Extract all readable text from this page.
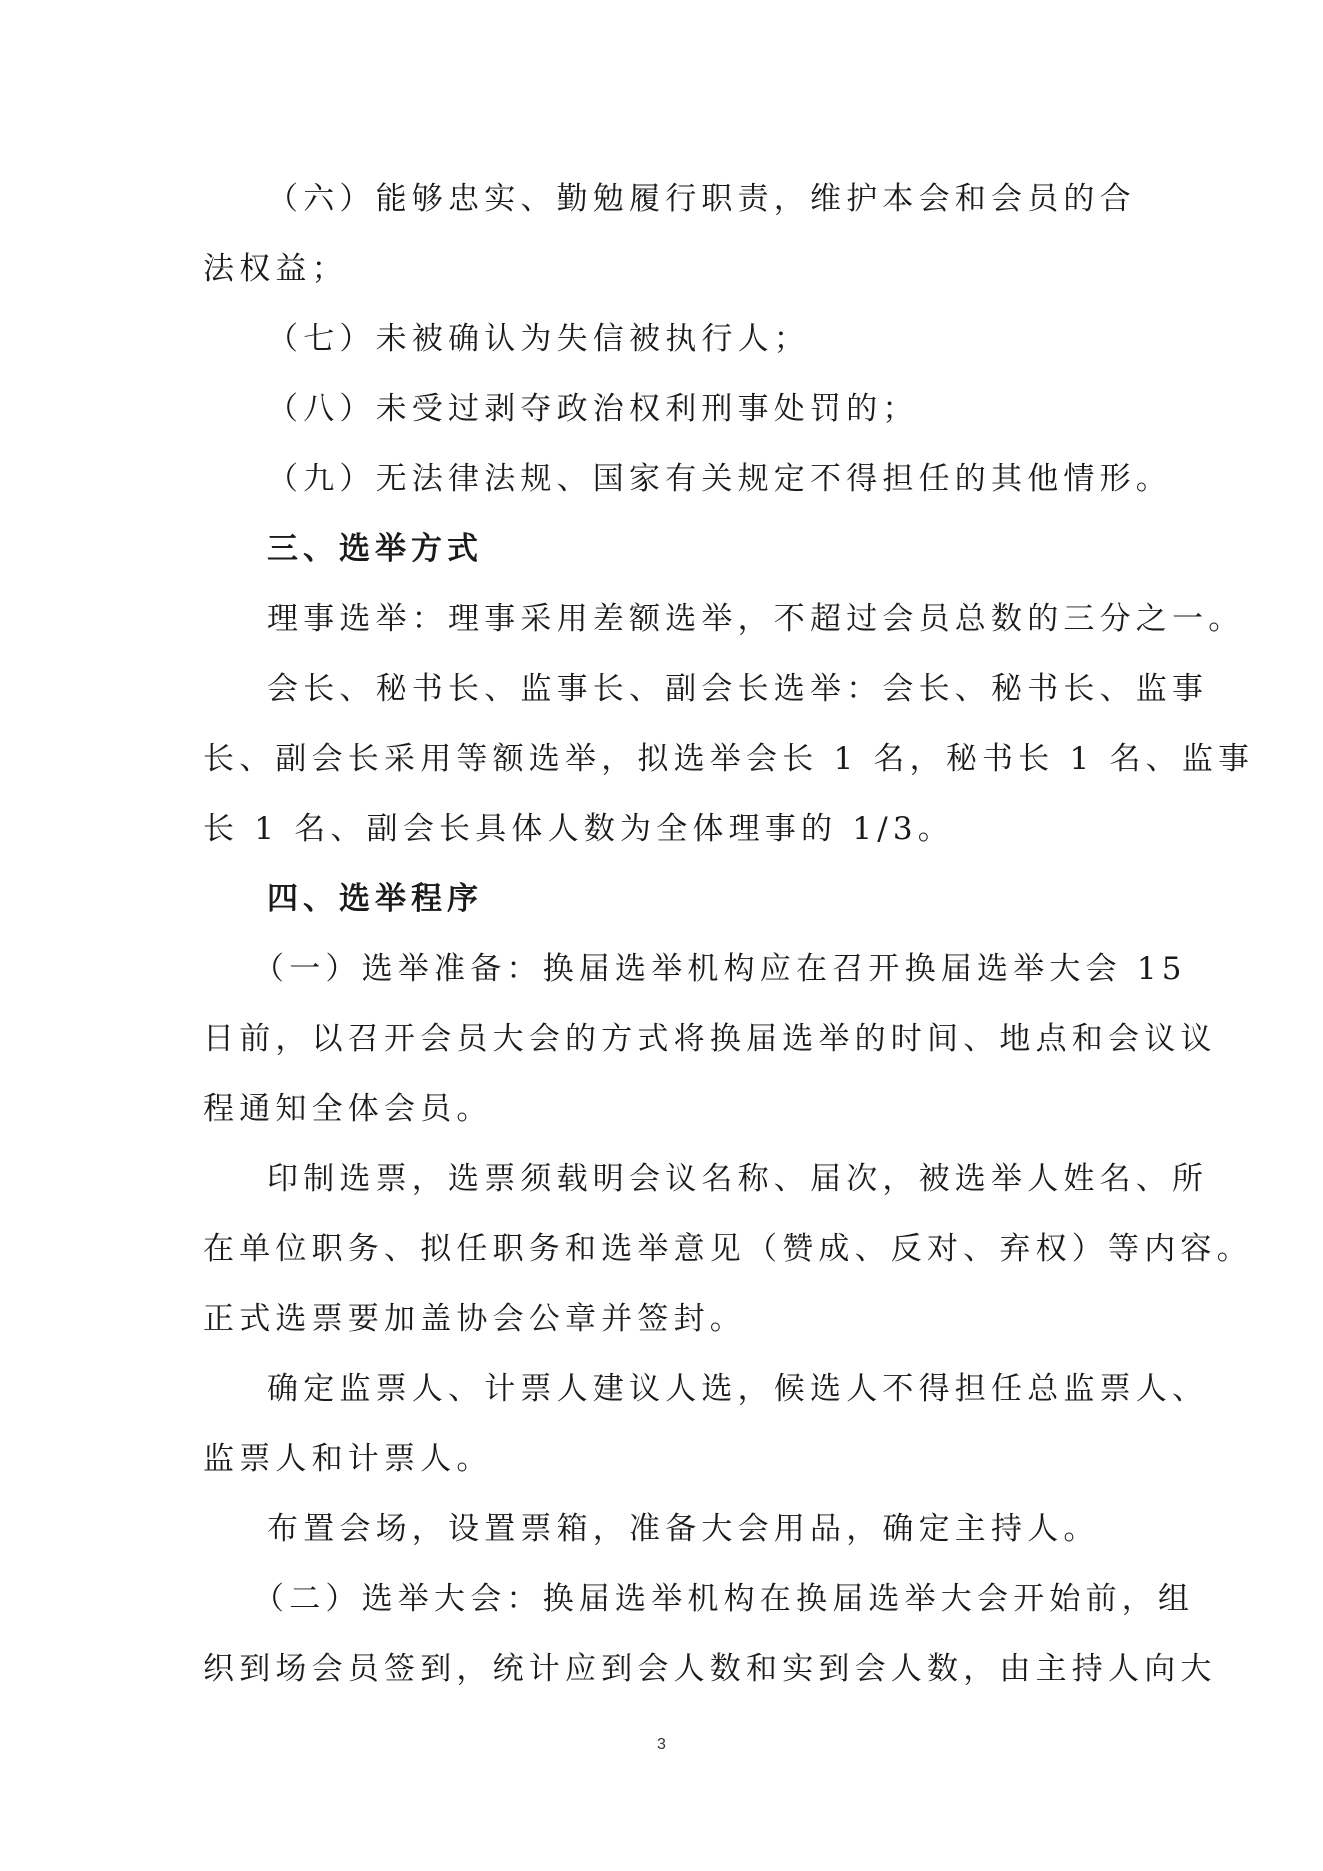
（六）能够忠实、勤勉履行职责，维护本会和会员的合
法权益；
（七）未被确认为失信被执行人；
（八）未受过剥夺政治权利刑事处罚的；
（九）无法律法规、国家有关规定不得担任的其他情形。
三、选举方式
理事选举：理事采用差额选举，不超过会员总数的三分之一。
会长、秘书长、监事长、副会长选举：会长、秘书长、监事
长、副会长采用等额选举，拟选举会长 1 名，秘书长 1 名、监事
长 1 名、副会长具体人数为全体理事的 1/3。
四、选举程序
（一）选举准备：换届选举机构应在召开换届选举大会 15
日前，以召开会员大会的方式将换届选举的时间、地点和会议议
程通知全体会员。
印制选票，选票须载明会议名称、届次，被选举人姓名、所
在单位职务、拟任职务和选举意见（赞成、反对、弃权）等内容。
正式选票要加盖协会公章并签封。
确定监票人、计票人建议人选，候选人不得担任总监票人、
监票人和计票人。
布置会场，设置票箱，准备大会用品，确定主持人。
（二）选举大会：换届选举机构在换届选举大会开始前，组
织到场会员签到，统计应到会人数和实到会人数，由主持人向大
3
